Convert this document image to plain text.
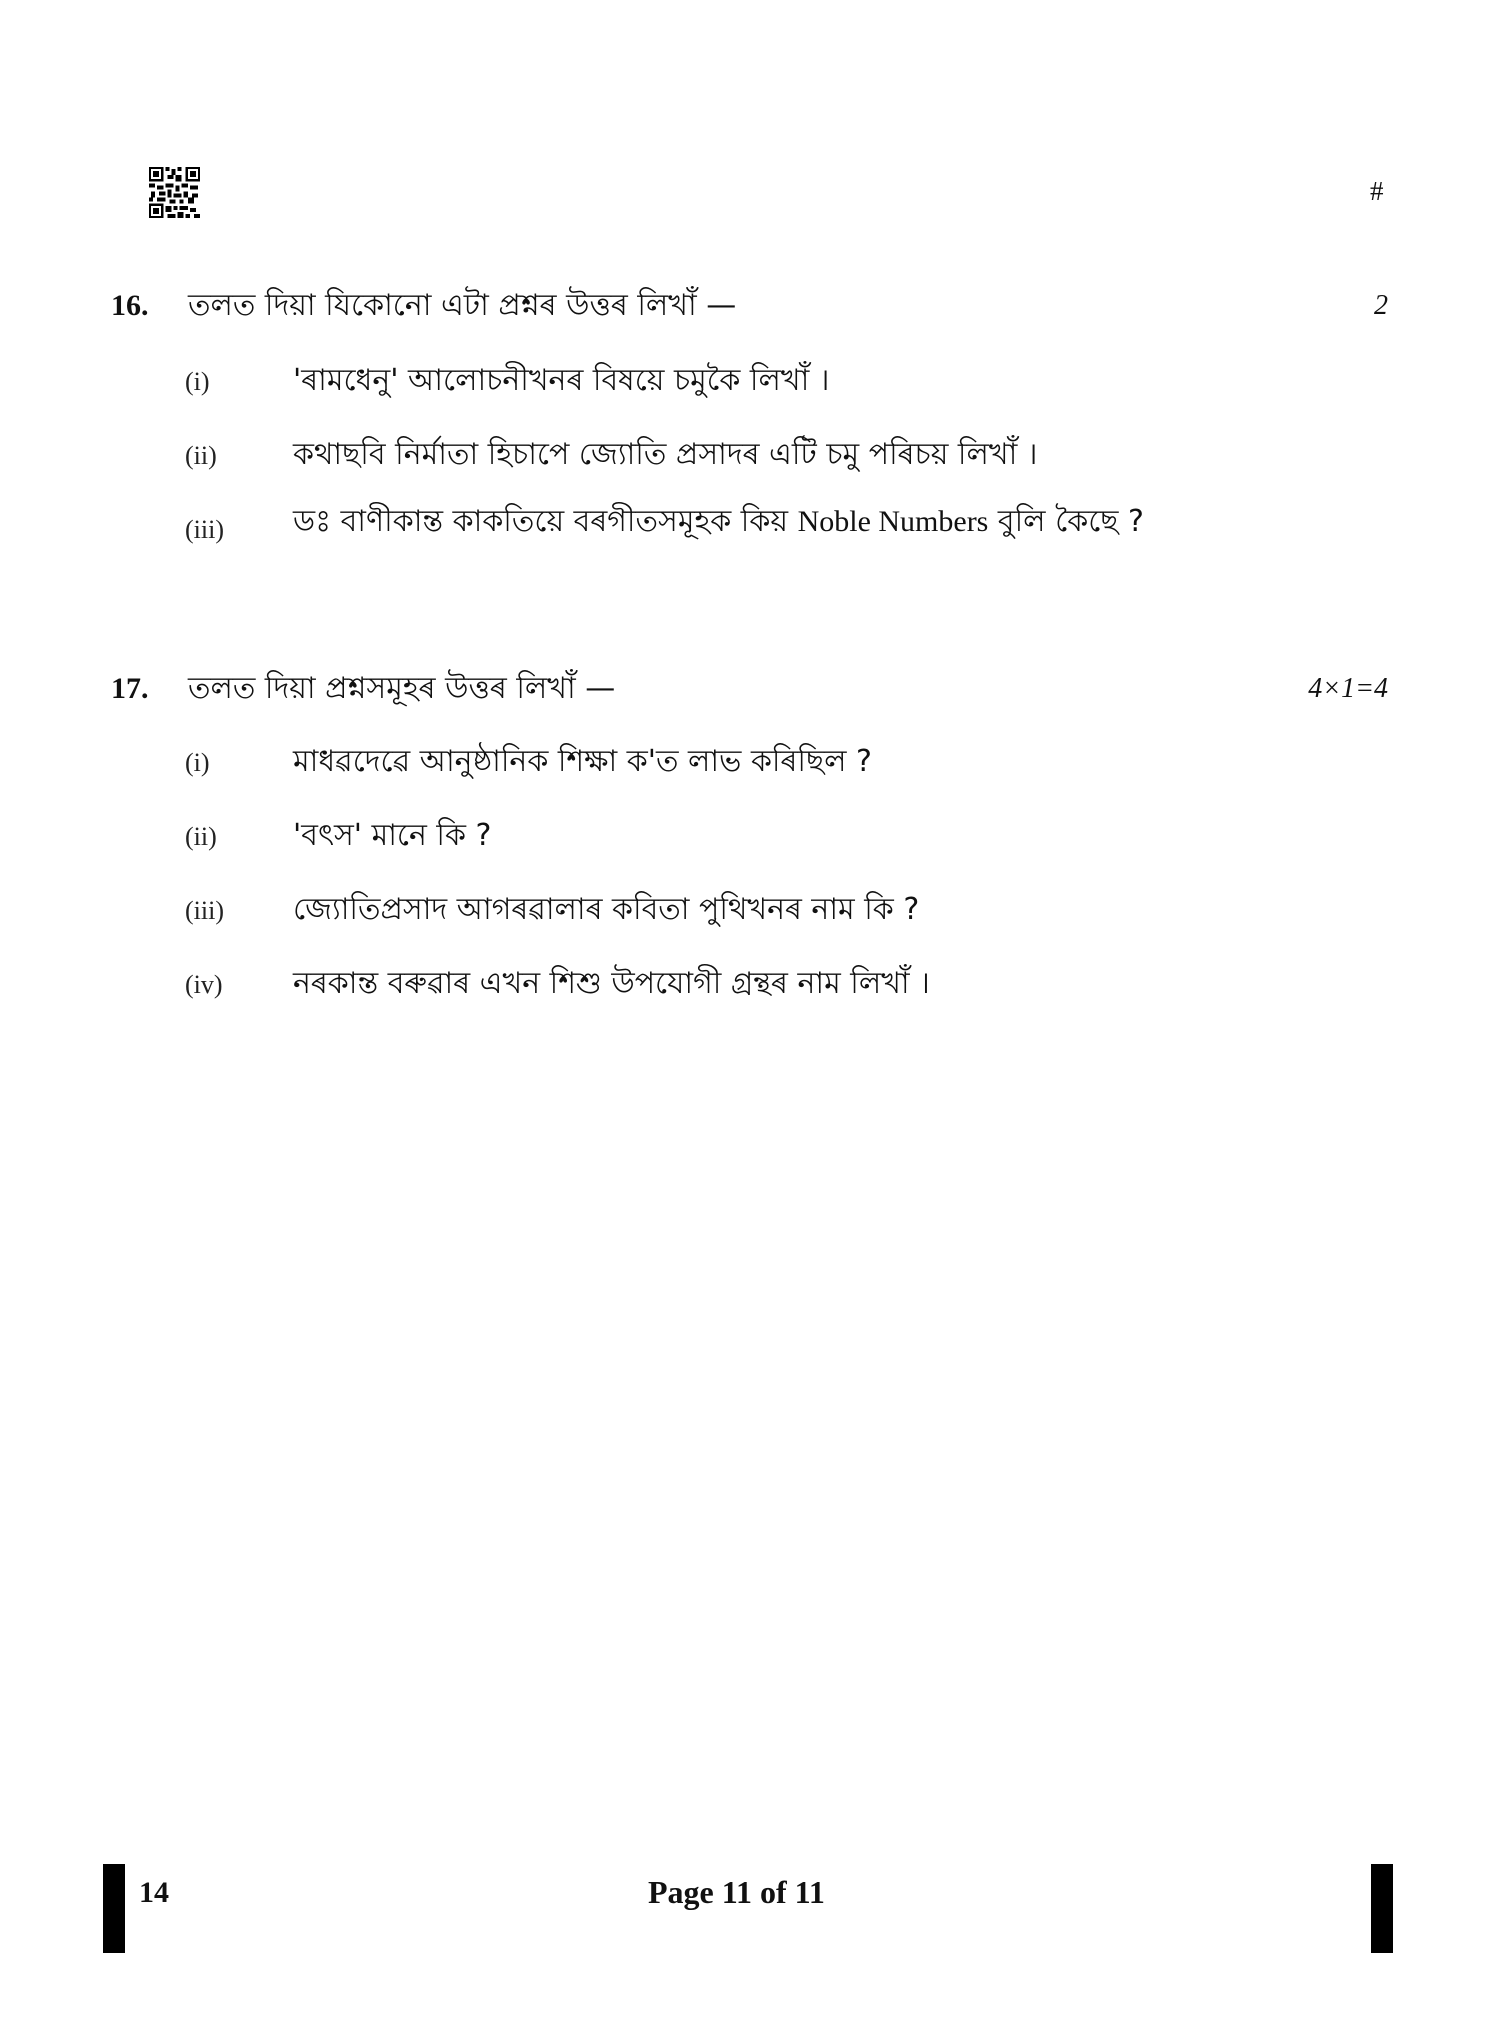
#
16. তলত দিয়া যিকোনো এটা প্ৰশ্নৰ উত্তৰ লিখাঁ —	2
(i)	'ৰামধেনু' আলোচনীখনৰ বিষয়ে চমুকৈ লিখাঁ ।
(ii)	কথাছবি নিৰ্মাতা হিচাপে জ্যোতি প্ৰসাদৰ এটি চমু পৰিচয় লিখাঁ ।
(iii) ডঃ বাণীকান্ত কাকতিয়ে বৰগীতসমূহক কিয় Noble Numbers বুলি কৈছে ?
17. তলত দিয়া প্ৰশ্নসমূহৰ উত্তৰ লিখাঁ —	4×1=4
(i)	মাধৱদেৱে আনুষ্ঠানিক শিক্ষা ক'ত লাভ কৰিছিল ?
(ii)	'বৎস' মানে কি ?
(iii) জ্যোতিপ্ৰসাদ আগৰৱালাৰ কবিতা পুথিখনৰ নাম কি ?
(iv) নৰকান্ত বৰুৱাৰ এখন শিশু উপযোগী গ্ৰন্থৰ নাম লিখাঁ ।
14	Page 11 of 11
